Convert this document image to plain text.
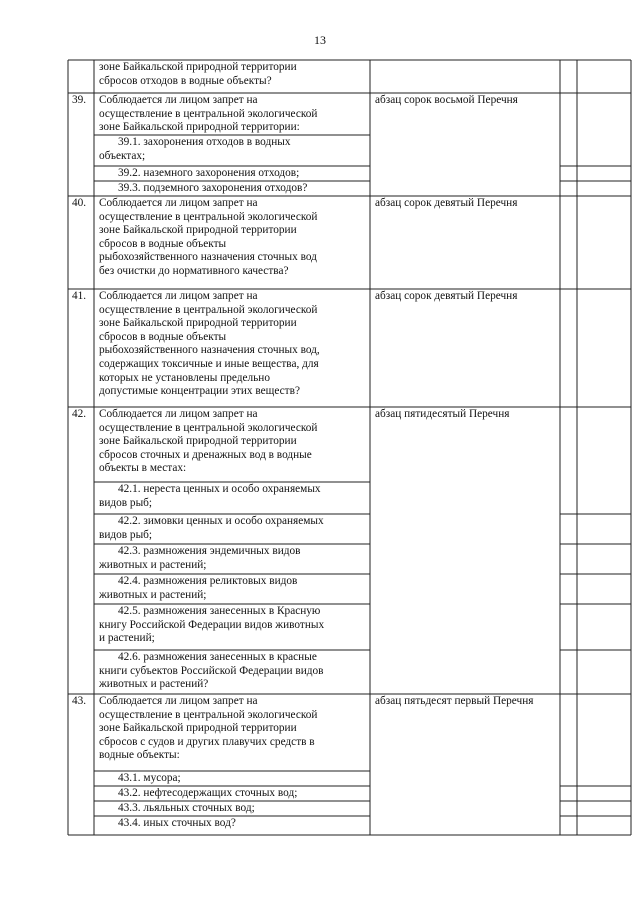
13
зоне Байкальской природной территории
сбросов отходов в водные объекты?
39. Соблюдается ли лицом запрет на
осуществление в центральной экологической
зоне Байкальской природной территории:
абзац сорок восьмой Перечня
39.1. захоронения отходов в водных
объектах;
39.2. наземного захоронения отходов;
39.3. подземного захоронения отходов?
40. Соблюдается ли лицом запрет на
осуществление в центральной экологической
зоне Байкальской природной территории
сбросов в водные объекты
рыбохозяйственного назначения сточных вод
без очистки до нормативного качества?
абзац сорок девятый Перечня
41. Соблюдается ли лицом запрет на
осуществление в центральной экологической
зоне Байкальской природной территории
сбросов в водные объекты
рыбохозяйственного назначения сточных вод,
содержащих токсичные и иные вещества, для
которых не установлены предельно
допустимые концентрации этих веществ?
абзац сорок девятый Перечня
42. Соблюдается ли лицом запрет на
осуществление в центральной экологической
зоне Байкальской природной территории
сбросов сточных и дренажных вод в водные
объекты в местах:
абзац пятидесятый Перечня
42.1. нереста ценных и особо охраняемых
видов рыб;
42.2. зимовки ценных и особо охраняемых
видов рыб;
42.3. размножения эндемичных видов
животных и растений;
42.4. размножения реликтовых видов
животных и растений;
42.5. размножения занесенных в Красную
книгу Российской Федерации видов животных
и растений;
42.6. размножения занесенных в красные
книги субъектов Российской Федерации видов
животных и растений?
43. Соблюдается ли лицом запрет на
осуществление в центральной экологической
зоне Байкальской природной территории
сбросов с судов и других плавучих средств в
водные объекты:
абзац пятьдесят первый Перечня
43.1. мусора;
43.2. нефтесодержащих сточных вод;
43.3. льяльных сточных вод;
43.4. иных сточных вод?
